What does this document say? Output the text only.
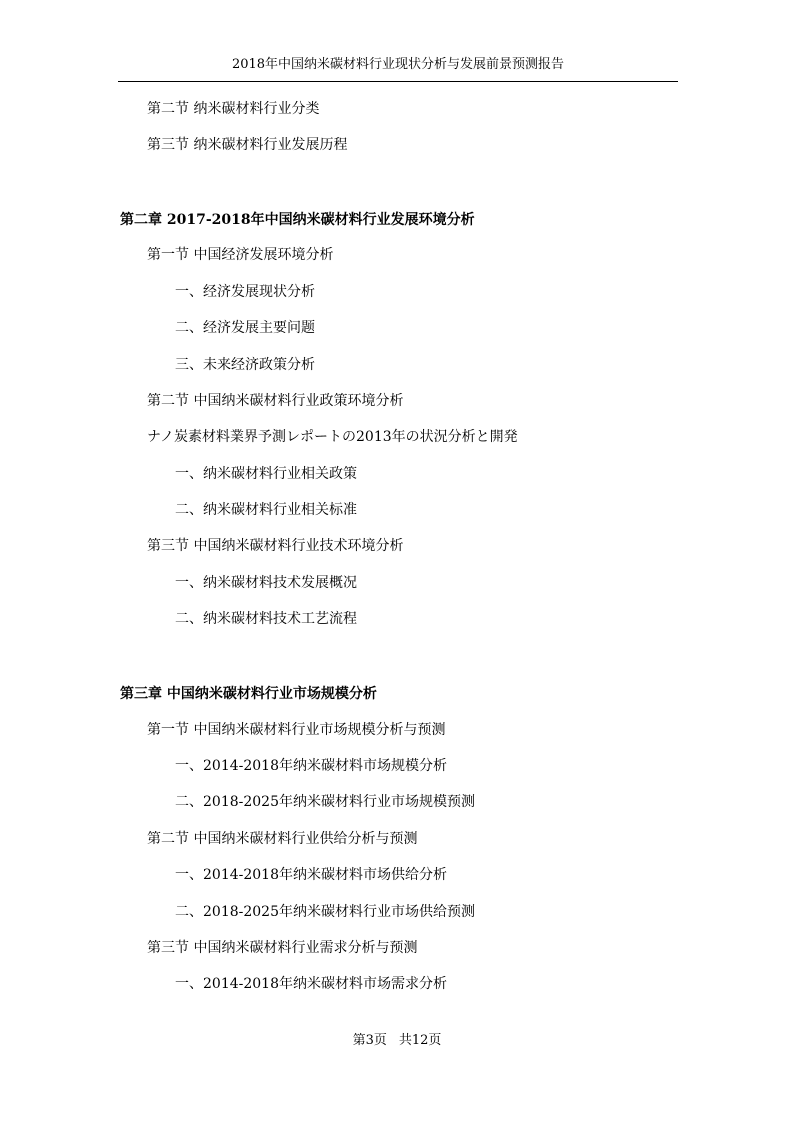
2018年中国纳米碳材料行业现状分析与发展前景预测报告
第二节 纳米碳材料行业分类
第三节 纳米碳材料行业发展历程
第二章 2017-2018年中国纳米碳材料行业发展环境分析
第一节 中国经济发展环境分析
一、经济发展现状分析
二、经济发展主要问题
三、未来经济政策分析
第二节 中国纳米碳材料行业政策环境分析
ナノ炭素材料業界予測レポートの2013年の状況分析と開発
一、纳米碳材料行业相关政策
二、纳米碳材料行业相关标准
第三节 中国纳米碳材料行业技术环境分析
一、纳米碳材料技术发展概况
二、纳米碳材料技术工艺流程
第三章 中国纳米碳材料行业市场规模分析
第一节 中国纳米碳材料行业市场规模分析与预测
一、2014-2018年纳米碳材料市场规模分析
二、2018-2025年纳米碳材料行业市场规模预测
第二节 中国纳米碳材料行业供给分析与预测
一、2014-2018年纳米碳材料市场供给分析
二、2018-2025年纳米碳材料行业市场供给预测
第三节 中国纳米碳材料行业需求分析与预测
一、2014-2018年纳米碳材料市场需求分析
第3页 共12页
